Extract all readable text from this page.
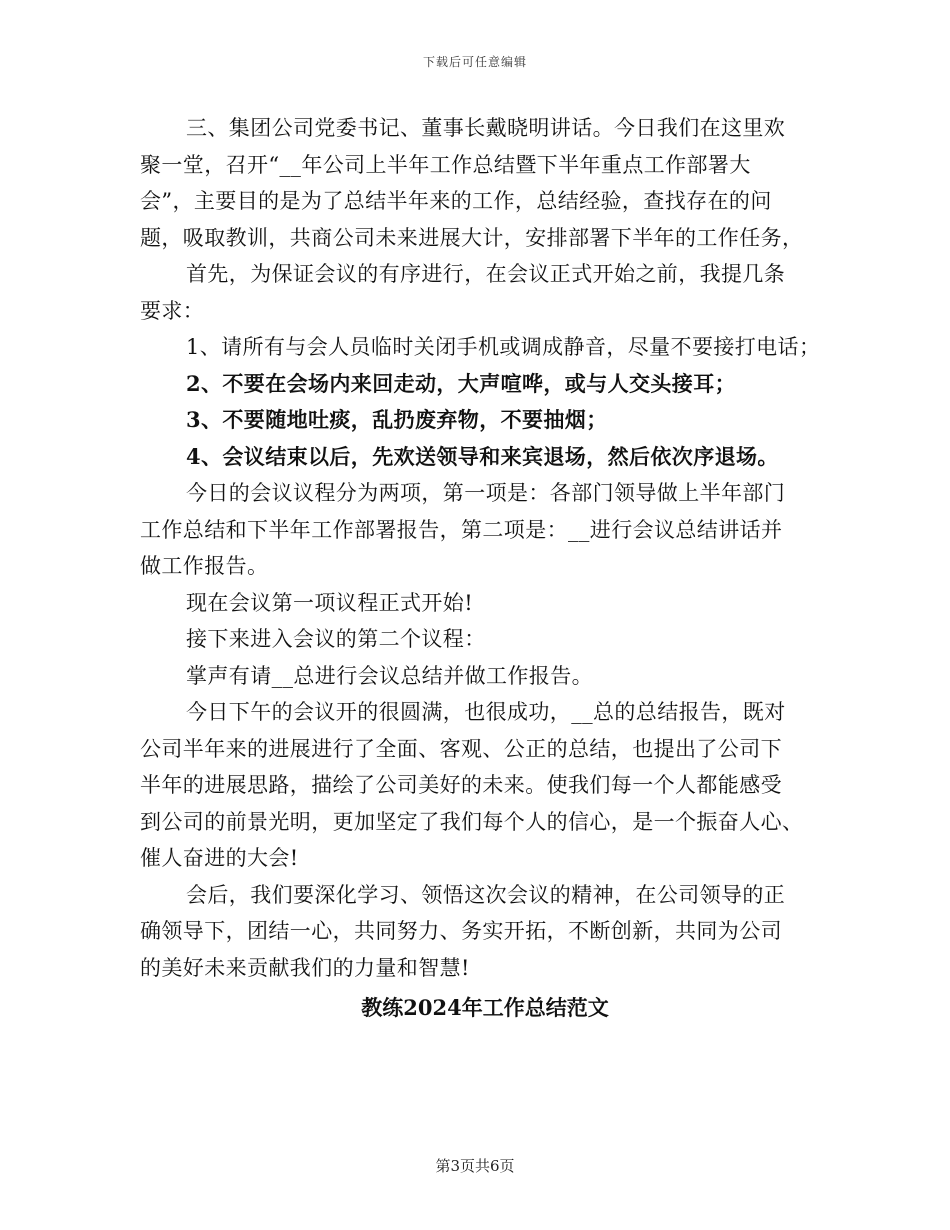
下载后可任意编辑
三、集团公司党委书记、董事长戴晓明讲话。今日我们在这里欢
聚一堂，召开“__年公司上半年工作总结暨下半年重点工作部署大
会”，主要目的是为了总结半年来的工作，总结经验，查找存在的问
题，吸取教训，共商公司未来进展大计，安排部署下半年的工作任务，
首先，为保证会议的有序进行，在会议正式开始之前，我提几条
要求：
1、请所有与会人员临时关闭手机或调成静音，尽量不要接打电话；
2、不要在会场内来回走动，大声喧哗，或与人交头接耳；
3、不要随地吐痰，乱扔废弃物，不要抽烟；
4、会议结束以后，先欢送领导和来宾退场，然后依次序退场。
今日的会议议程分为两项，第一项是：各部门领导做上半年部门
工作总结和下半年工作部署报告，第二项是：__进行会议总结讲话并
做工作报告。
现在会议第一项议程正式开始!
接下来进入会议的第二个议程：
掌声有请__总进行会议总结并做工作报告。
今日下午的会议开的很圆满，也很成功，__总的总结报告，既对
公司半年来的进展进行了全面、客观、公正的总结，也提出了公司下
半年的进展思路，描绘了公司美好的未来。使我们每一个人都能感受
到公司的前景光明，更加坚定了我们每个人的信心，是一个振奋人心、
催人奋进的大会!
会后，我们要深化学习、领悟这次会议的精神，在公司领导的正
确领导下，团结一心，共同努力、务实开拓，不断创新，共同为公司
的美好未来贡献我们的力量和智慧!
教练2024年工作总结范文
第3页共6页
